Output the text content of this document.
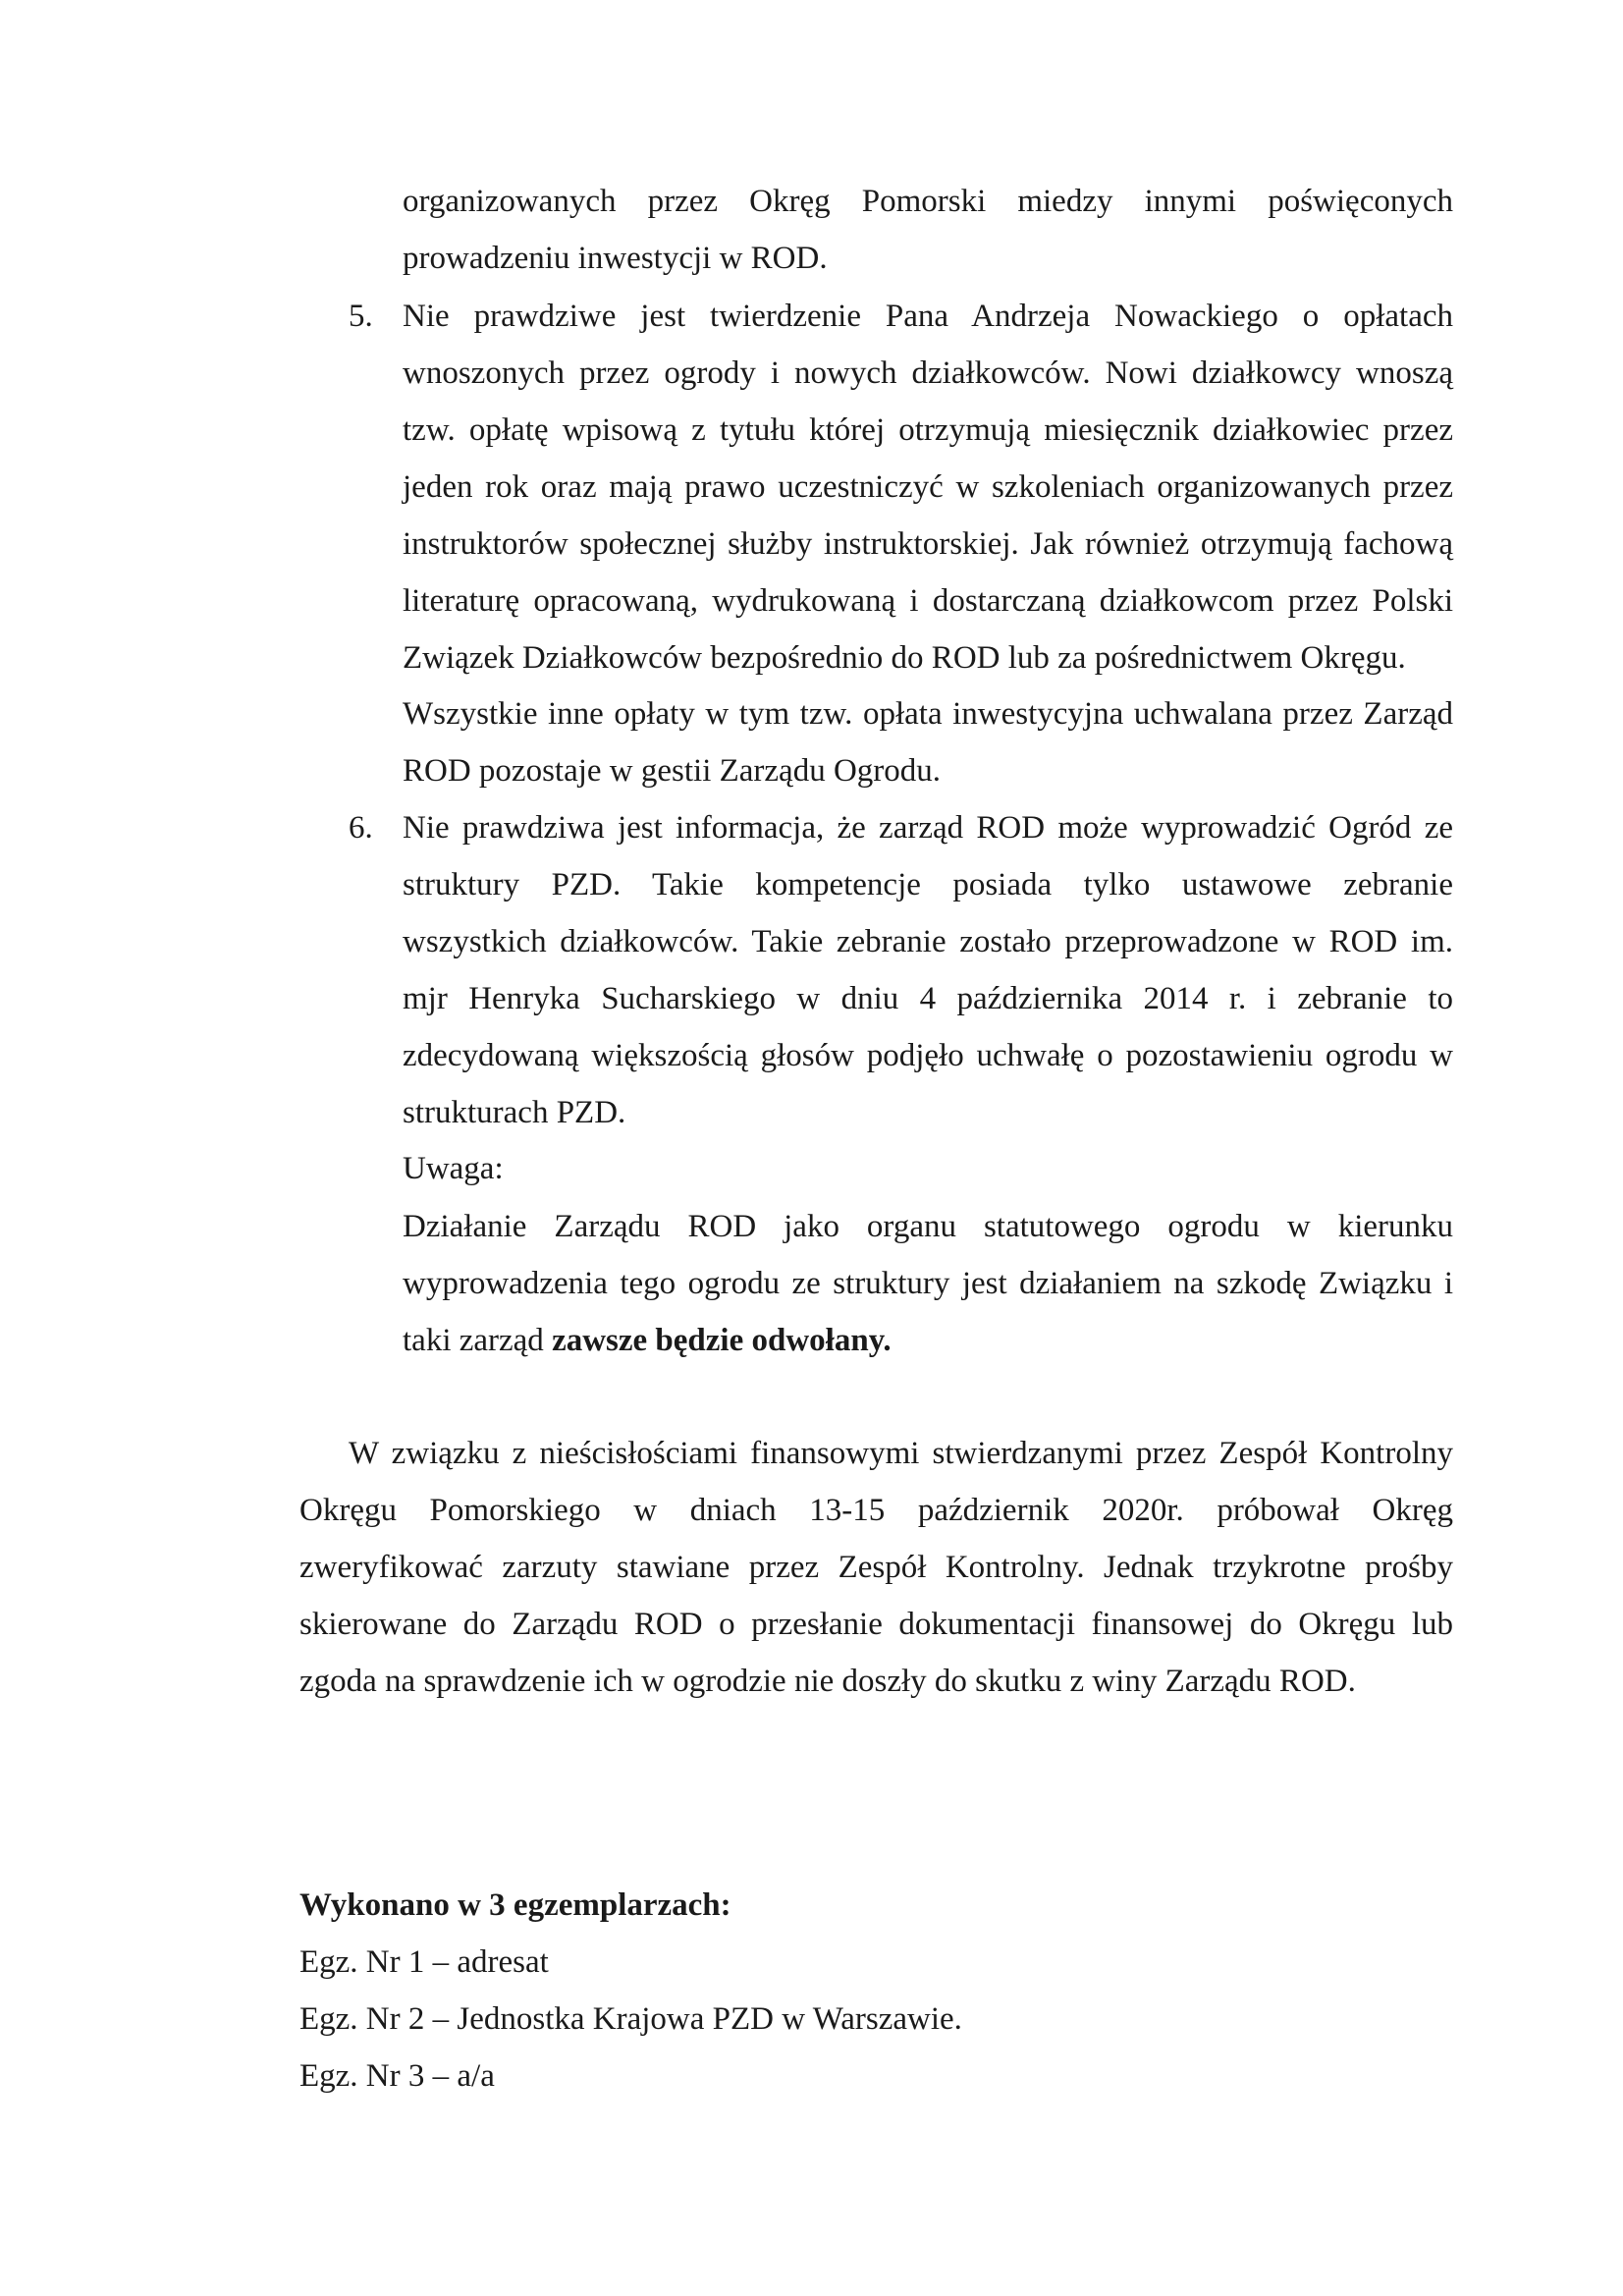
organizowanych przez Okręg Pomorski miedzy innymi poświęconych
prowadzeniu inwestycji w ROD.
5. Nie prawdziwe jest twierdzenie Pana Andrzeja Nowackiego o opłatach
wnoszonych przez ogrody i nowych działkowców. Nowi działkowcy wnoszą
tzw. opłatę wpisową z tytułu której otrzymują miesięcznik działkowiec przez
jeden rok oraz mają prawo uczestniczyć w szkoleniach organizowanych przez
instruktorów społecznej służby instruktorskiej. Jak również otrzymują fachową
literaturę opracowaną, wydrukowaną i dostarczaną działkowcom przez Polski
Związek Działkowców bezpośrednio do ROD lub za pośrednictwem Okręgu.
Wszystkie inne opłaty w tym tzw. opłata inwestycyjna uchwalana przez Zarząd
ROD pozostaje w gestii Zarządu Ogrodu.
6. Nie prawdziwa jest informacja, że zarząd ROD może wyprowadzić Ogród ze
struktury PZD. Takie kompetencje posiada tylko ustawowe zebranie
wszystkich działkowców. Takie zebranie zostało przeprowadzone w ROD im.
mjr Henryka Sucharskiego w dniu 4 października 2014 r. i zebranie to
zdecydowaną większością głosów podjęło uchwałę o pozostawieniu ogrodu w
strukturach PZD.
Uwaga:
Działanie Zarządu ROD jako organu statutowego ogrodu w kierunku
wyprowadzenia tego ogrodu ze struktury jest działaniem na szkodę Związku i
taki zarząd zawsze będzie odwołany.
W związku z nieścisłościami finansowymi stwierdzanymi przez Zespół Kontrolny
Okręgu Pomorskiego w dniach 13-15 październik 2020r. próbował Okręg
zweryfikować zarzuty stawiane przez Zespół Kontrolny. Jednak trzykrotne prośby
skierowane do Zarządu ROD o przesłanie dokumentacji finansowej do Okręgu lub
zgoda na sprawdzenie ich w ogrodzie nie doszły do skutku z winy Zarządu ROD.
Wykonano w 3 egzemplarzach:
Egz. Nr 1 – adresat
Egz. Nr 2 – Jednostka Krajowa PZD w Warszawie.
Egz. Nr 3 – a/a
